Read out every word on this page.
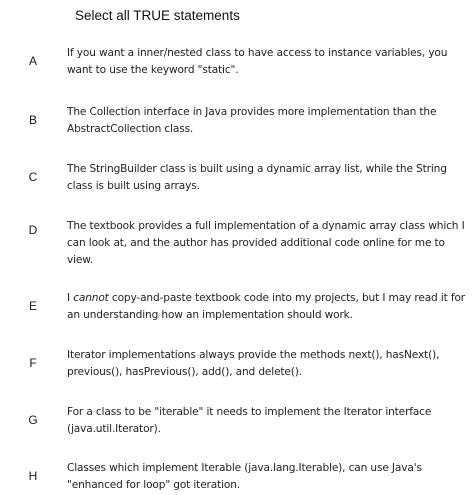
Select all TRUE statements
A
If you want a inner/nested class to have access to instance variables, you want to use the keyword "static".
B
The Collection interface in Java provides more implementation than the AbstractCollection class.
C
The StringBuilder class is built using a dynamic array list, while the String class is built using arrays.
D	The textbook provides a full implementation of a dynamic array class which I can look at, and the author has provided additional code online for me to view.
E
I cannot copy-and-paste textbook code into my projects, but I may read it for an understanding how an implementation should work.
F
Iterator implementations always provide the methods next(), hasNext(), previous(), hasPrevious(), add(), and delete().
G
For a class to be "iterable" it needs to implement the Iterator interface (java.util.Iterator).
H
Classes which implement Iterable (java.lang.Iterable), can use Java's "enhanced for loop" got iteration.
